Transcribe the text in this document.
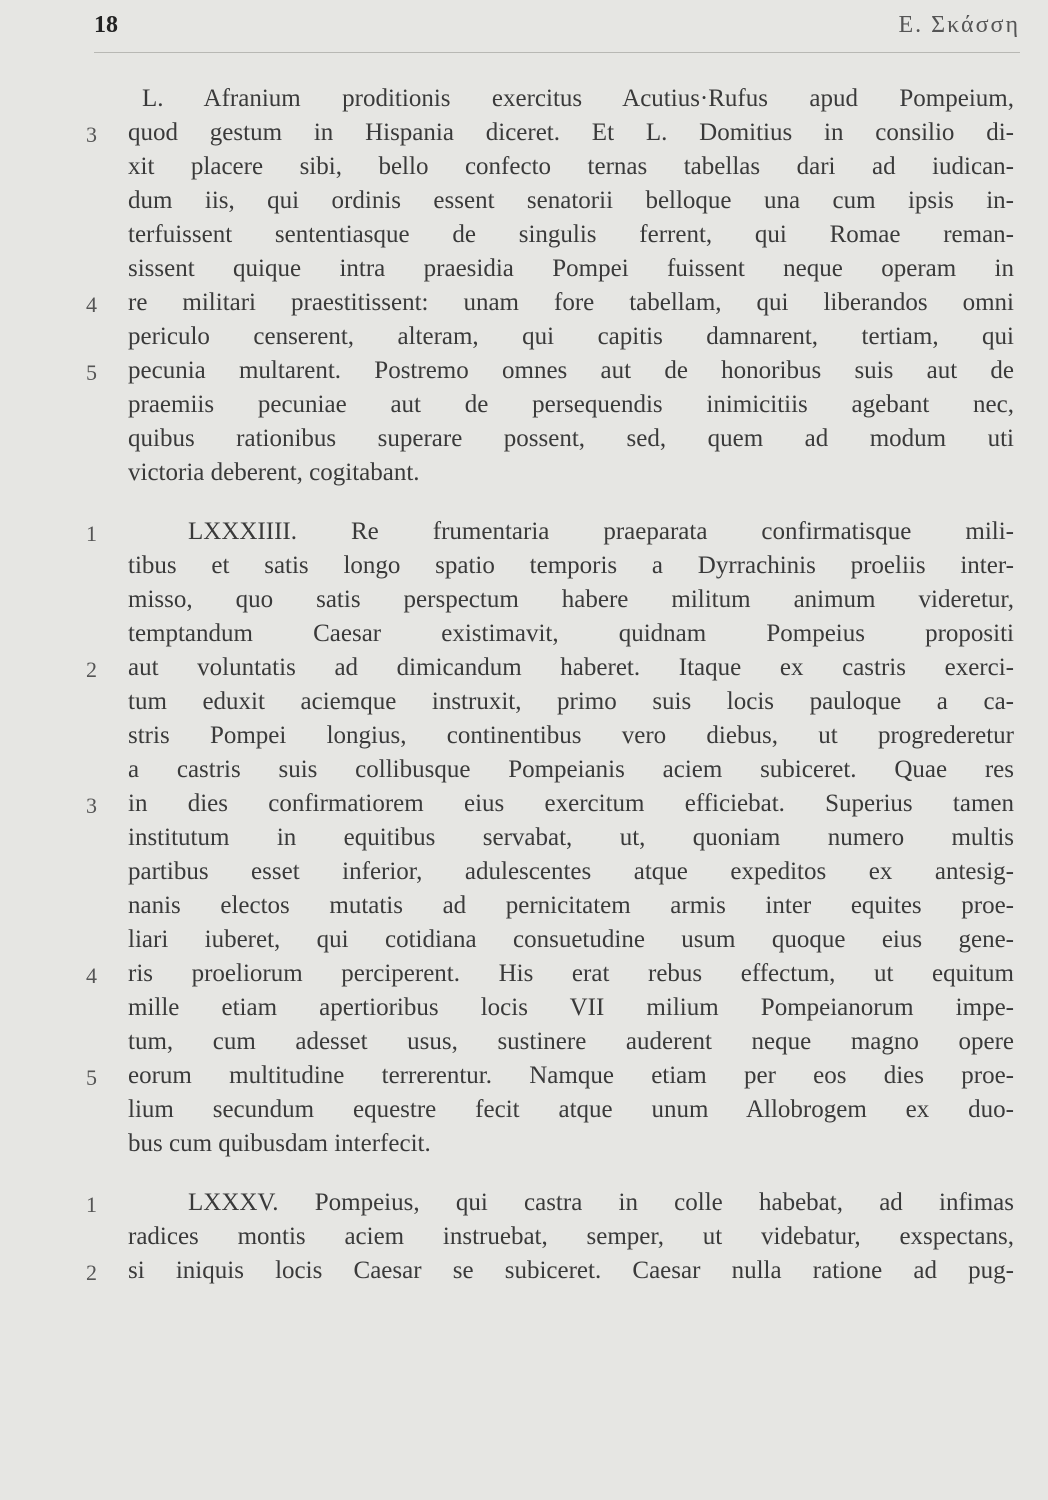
18	E. Σκάσση
L. Afranium proditionis exercitus Acutius·Rufus apud Pompeium,
3 quod gestum in Hispania diceret. Et L. Domitius in consilio di-
xit placere sibi, bello confecto ternas tabellas dari ad iudican-
dum iis, qui ordinis essent senatorii belloque una cum ipsis in-
terfuissent sententiasque de singulis ferrent, qui Romae reman-
sissent quique intra praesidia Pompei fuissent neque operam in
4 re militari praestitissent: unam fore tabellam, qui liberandos omni
periculo censerent, alteram, qui capitis damnarent, tertiam, qui
5 pecunia multarent. Postremo omnes aut de honoribus suis aut de
praemiis pecuniae aut de persequendis inimicitiis agebant nec,
quibus rationibus superare possent, sed, quem ad modum uti
victoria deberent, cogitabant.
1	LXXXIIII. Re frumentaria praeparata confirmatisque mili-
tibus et satis longo spatio temporis a Dyrrachinis proeliis inter-
misso, quo satis perspectum habere militum animum videretur,
temptandum Caesar existimavit, quidnam Pompeius propositi
2 aut voluntatis ad dimicandum haberet. Itaque ex castris exerci-
tum eduxit aciemque instruxit, primo suis locis pauloque a ca-
stris Pompei longius, continentibus vero diebus, ut progrederetur
a castris suis collibusque Pompeianis aciem subiceret. Quae res
3 in dies confirmatiorem eius exercitum efficiebat. Superius tamen
institutum in equitibus servabat, ut, quoniam numero multis
partibus esset inferior, adulescentes atque expeditos ex antesig-
nanis electos mutatis ad pernicitatem armis inter equites proe-
liari iuberet, qui cotidiana consuetudine usum quoque eius gene-
4 ris proeliorum perciperent. His erat rebus effectum, ut equitum
mille etiam apertioribus locis VII milium Pompeianorum impe-
tum, cum adesset usus, sustinere auderent neque magno opere
5 eorum multitudine terrerentur. Namque etiam per eos dies proe-
lium secundum equestre fecit atque unum Allobrogem ex duo-
bus cum quibusdam interfecit.
1	LXXXV. Pompeius, qui castra in colle habebat, ad infimas
radices montis aciem instruebat, semper, ut videbatur, exspectans,
2 si iniquis locis Caesar se subiceret. Caesar nulla ratione ad pug-
